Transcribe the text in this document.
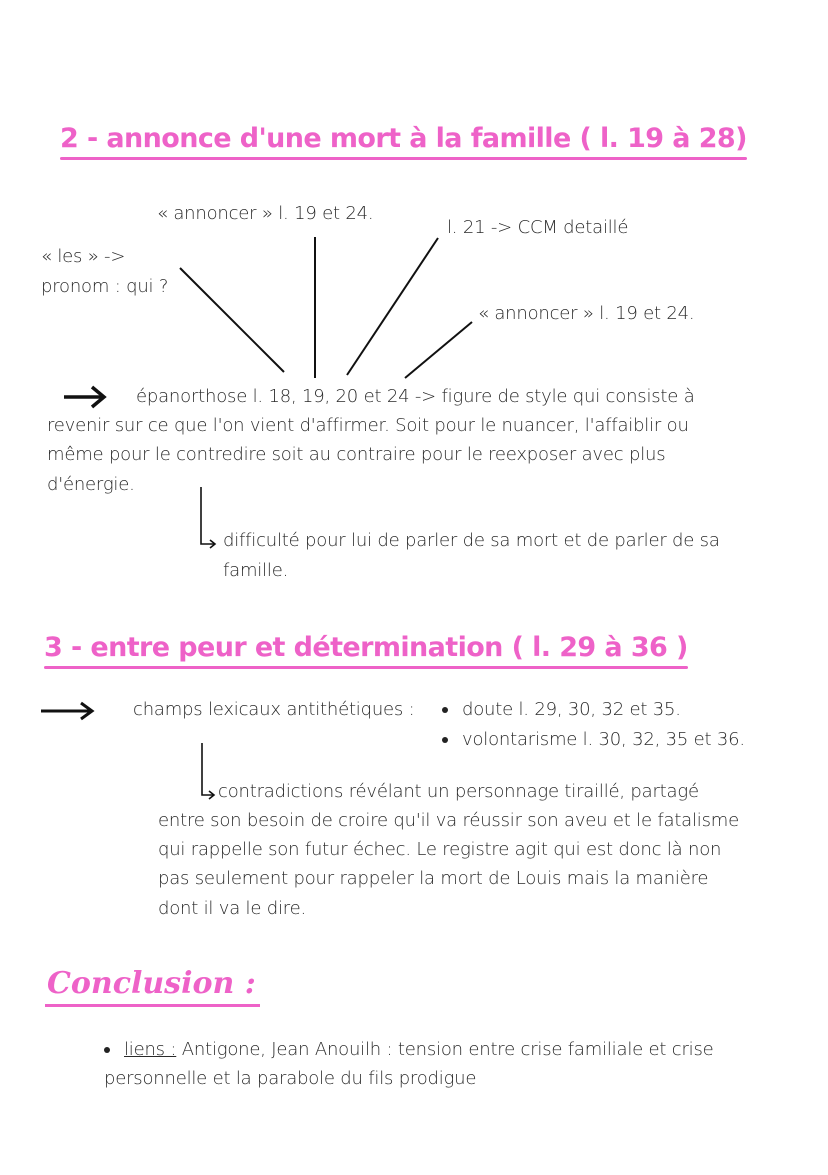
2 - annonce d'une mort à la famille ( l. 19 à 28)
« annoncer » l. 19 et 24.
l. 21 -> CCM detaillé
« les » ->
pronom : qui ?
« annoncer » l. 19 et 24.
épanorthose l. 18, 19, 20 et 24 -> figure de style qui consiste à
revenir sur ce que l'on vient d'affirmer. Soit pour le nuancer, l'affaiblir ou
même pour le contredire soit au contraire pour le reexposer avec plus
d'énergie.
difficulté pour lui de parler de sa mort et de parler de sa
famille.
3 - entre peur et détermination ( l. 29 à 36 )
champs lexicaux antithétiques :	doute l. 29, 30, 32 et 35.
volontarisme l. 30, 32, 35 et 36.
contradictions révélant un personnage tiraillé, partagé
entre son besoin de croire qu'il va réussir son aveu et le fatalisme
qui rappelle son futur échec. Le registre agit qui est donc là non
pas seulement pour rappeler la mort de Louis mais la manière
dont il va le dire.
Conclusion :
liens : Antigone, Jean Anouilh : tension entre crise familiale et crise
personnelle et la parabole du fils prodigue
